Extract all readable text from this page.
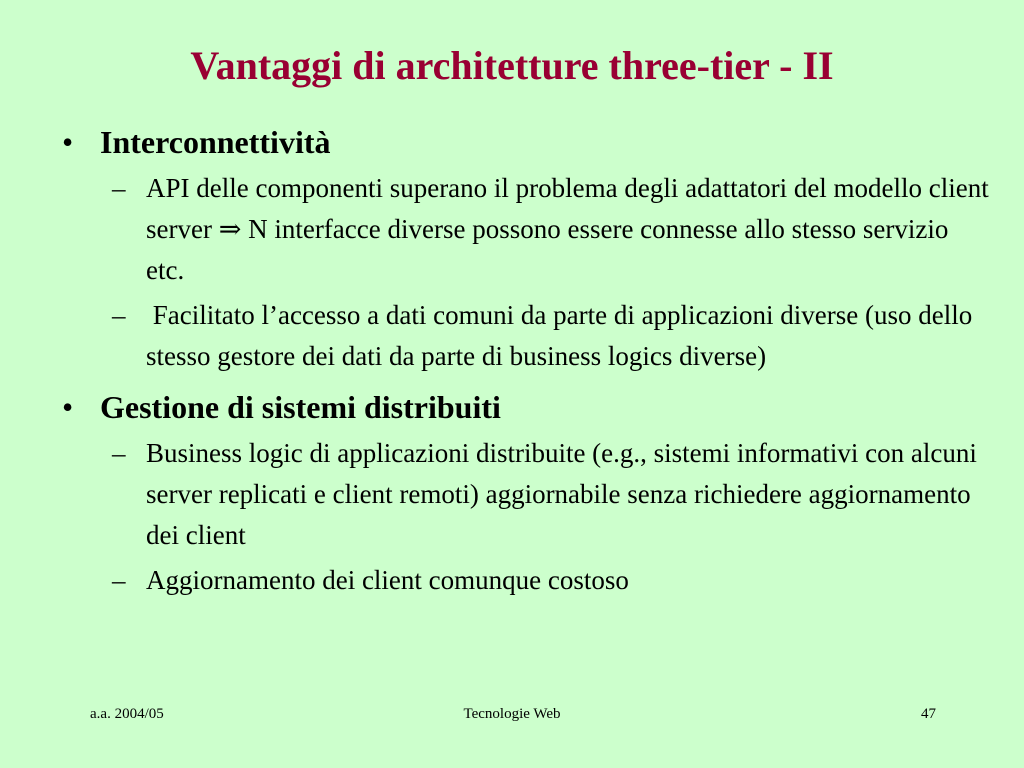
Vantaggi di architetture three-tier - II
• Interconnettività
– API delle componenti superano il problema degli adattatori del modello client server ⇒ N interfacce diverse possono essere connesse allo stesso servizio etc.
– Facilitato l’accesso a dati comuni da parte di applicazioni diverse (uso dello stesso gestore dei dati da parte di business logics diverse)
• Gestione di sistemi distribuiti
– Business logic di applicazioni distribuite (e.g., sistemi informativi con alcuni server replicati e client remoti) aggiornabile senza richiedere aggiornamento dei client
– Aggiornamento dei client comunque costoso
a.a. 2004/05	Tecnologie Web	47
